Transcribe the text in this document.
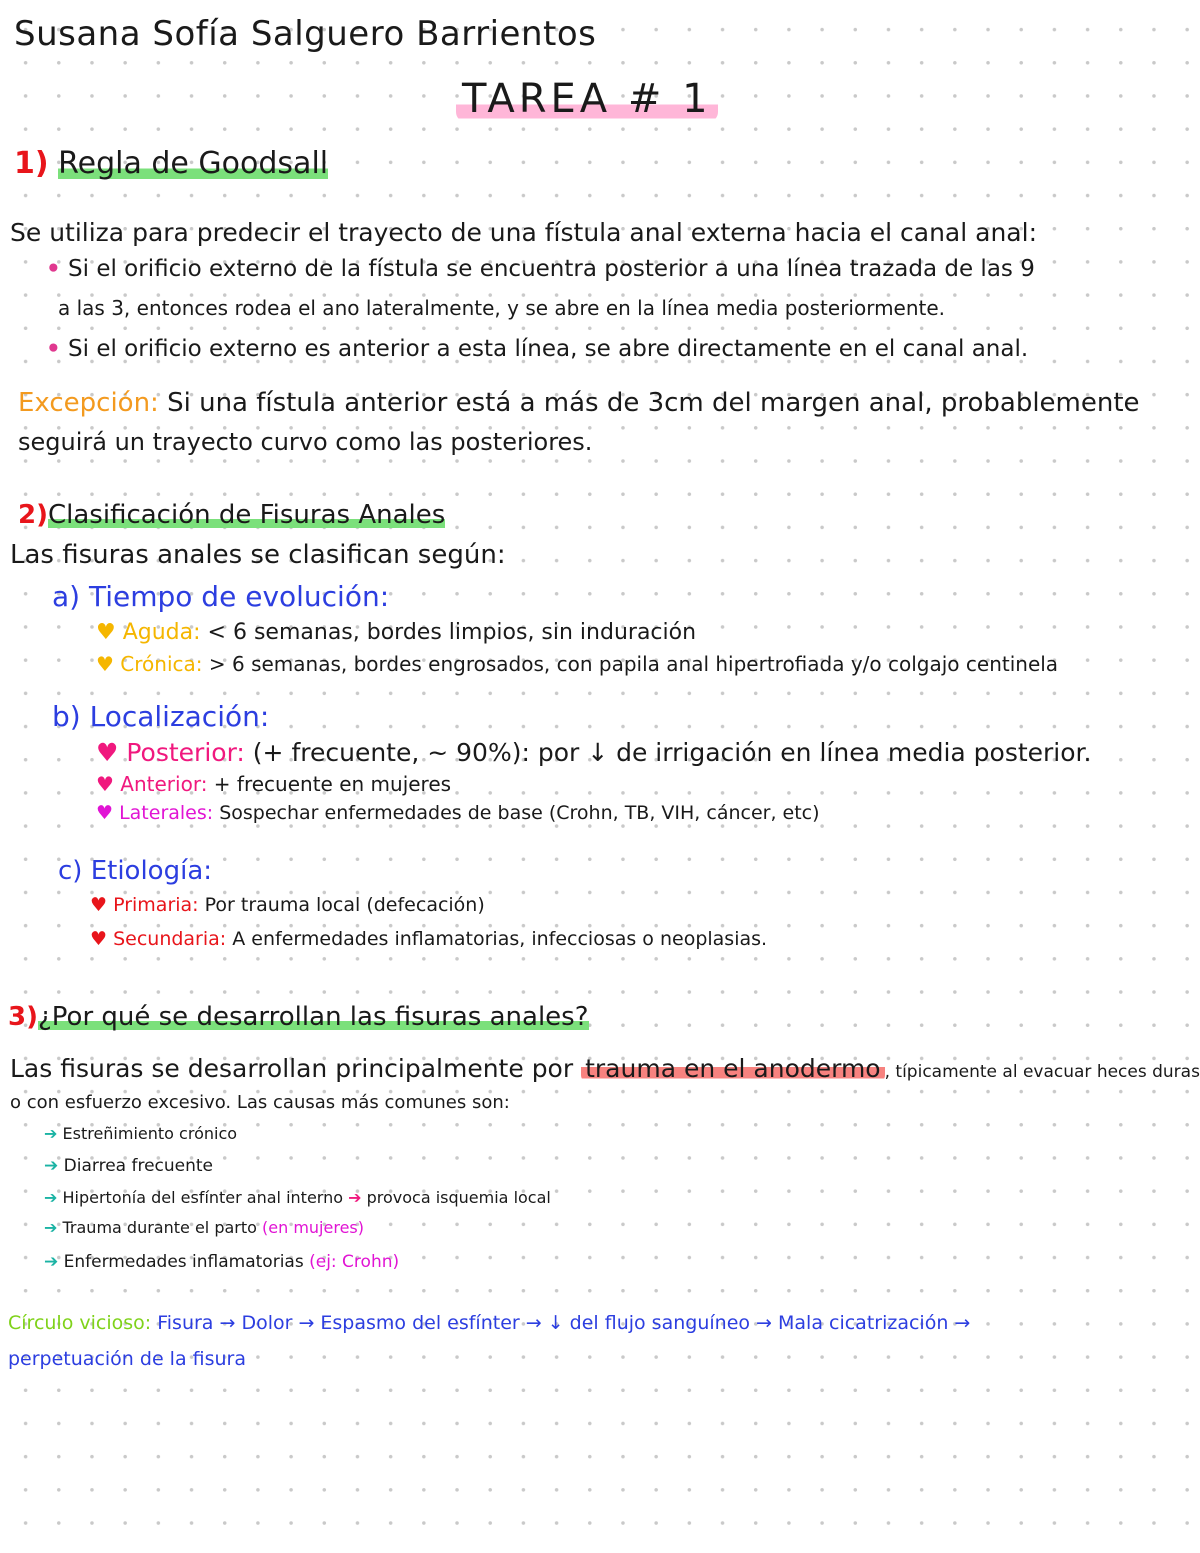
Susana Sofía Salguero Barrientos
TAREA # 1
1) Regla de Goodsall
Se utiliza para predecir el trayecto de una fístula anal externa hacia el canal anal:
• Si el orificio externo de la fístula se encuentra posterior a una línea trazada de las 9
a las 3, entonces rodea el ano lateralmente, y se abre en la línea media posteriormente.
• Si el orificio externo es anterior a esta línea, se abre directamente en el canal anal.
Excepción: Si una fístula anterior está a más de 3cm del margen anal, probablemente
seguirá un trayecto curvo como las posteriores.
2)Clasificación de Fisuras Anales
Las fisuras anales se clasifican según:
a) Tiempo de evolución:
♥ Aguda: < 6 semanas, bordes limpios, sin induración
♥ Crónica: > 6 semanas, bordes engrosados, con papila anal hipertrofiada y/o colgajo centinela
b) Localización:
♥ Posterior: (+ frecuente, ~ 90%): por ↓ de irrigación en línea media posterior.
♥ Anterior: + frecuente en mujeres
♥ Laterales: Sospechar enfermedades de base (Crohn, TB, VIH, cáncer, etc)
c) Etiología:
♥ Primaria: Por trauma local (defecación)
♥ Secundaria: A enfermedades inflamatorias, infecciosas o neoplasias.
3)¿Por qué se desarrollan las fisuras anales?
Las fisuras se desarrollan principalmente por trauma en el anodermo , típicamente al evacuar heces duras
o con esfuerzo excesivo. Las causas más comunes son:
➔ Estreñimiento crónico
➔ Diarrea frecuente
➔ Hipertonía del esfínter anal interno ➔ provoca isquemia local
➔ Trauma durante el parto (en mujeres)
➔ Enfermedades inflamatorias (ej: Crohn)
Círculo vicioso: Fisura → Dolor → Espasmo del esfínter → ↓ del flujo sanguíneo → Mala cicatrización →
perpetuación de la fisura
